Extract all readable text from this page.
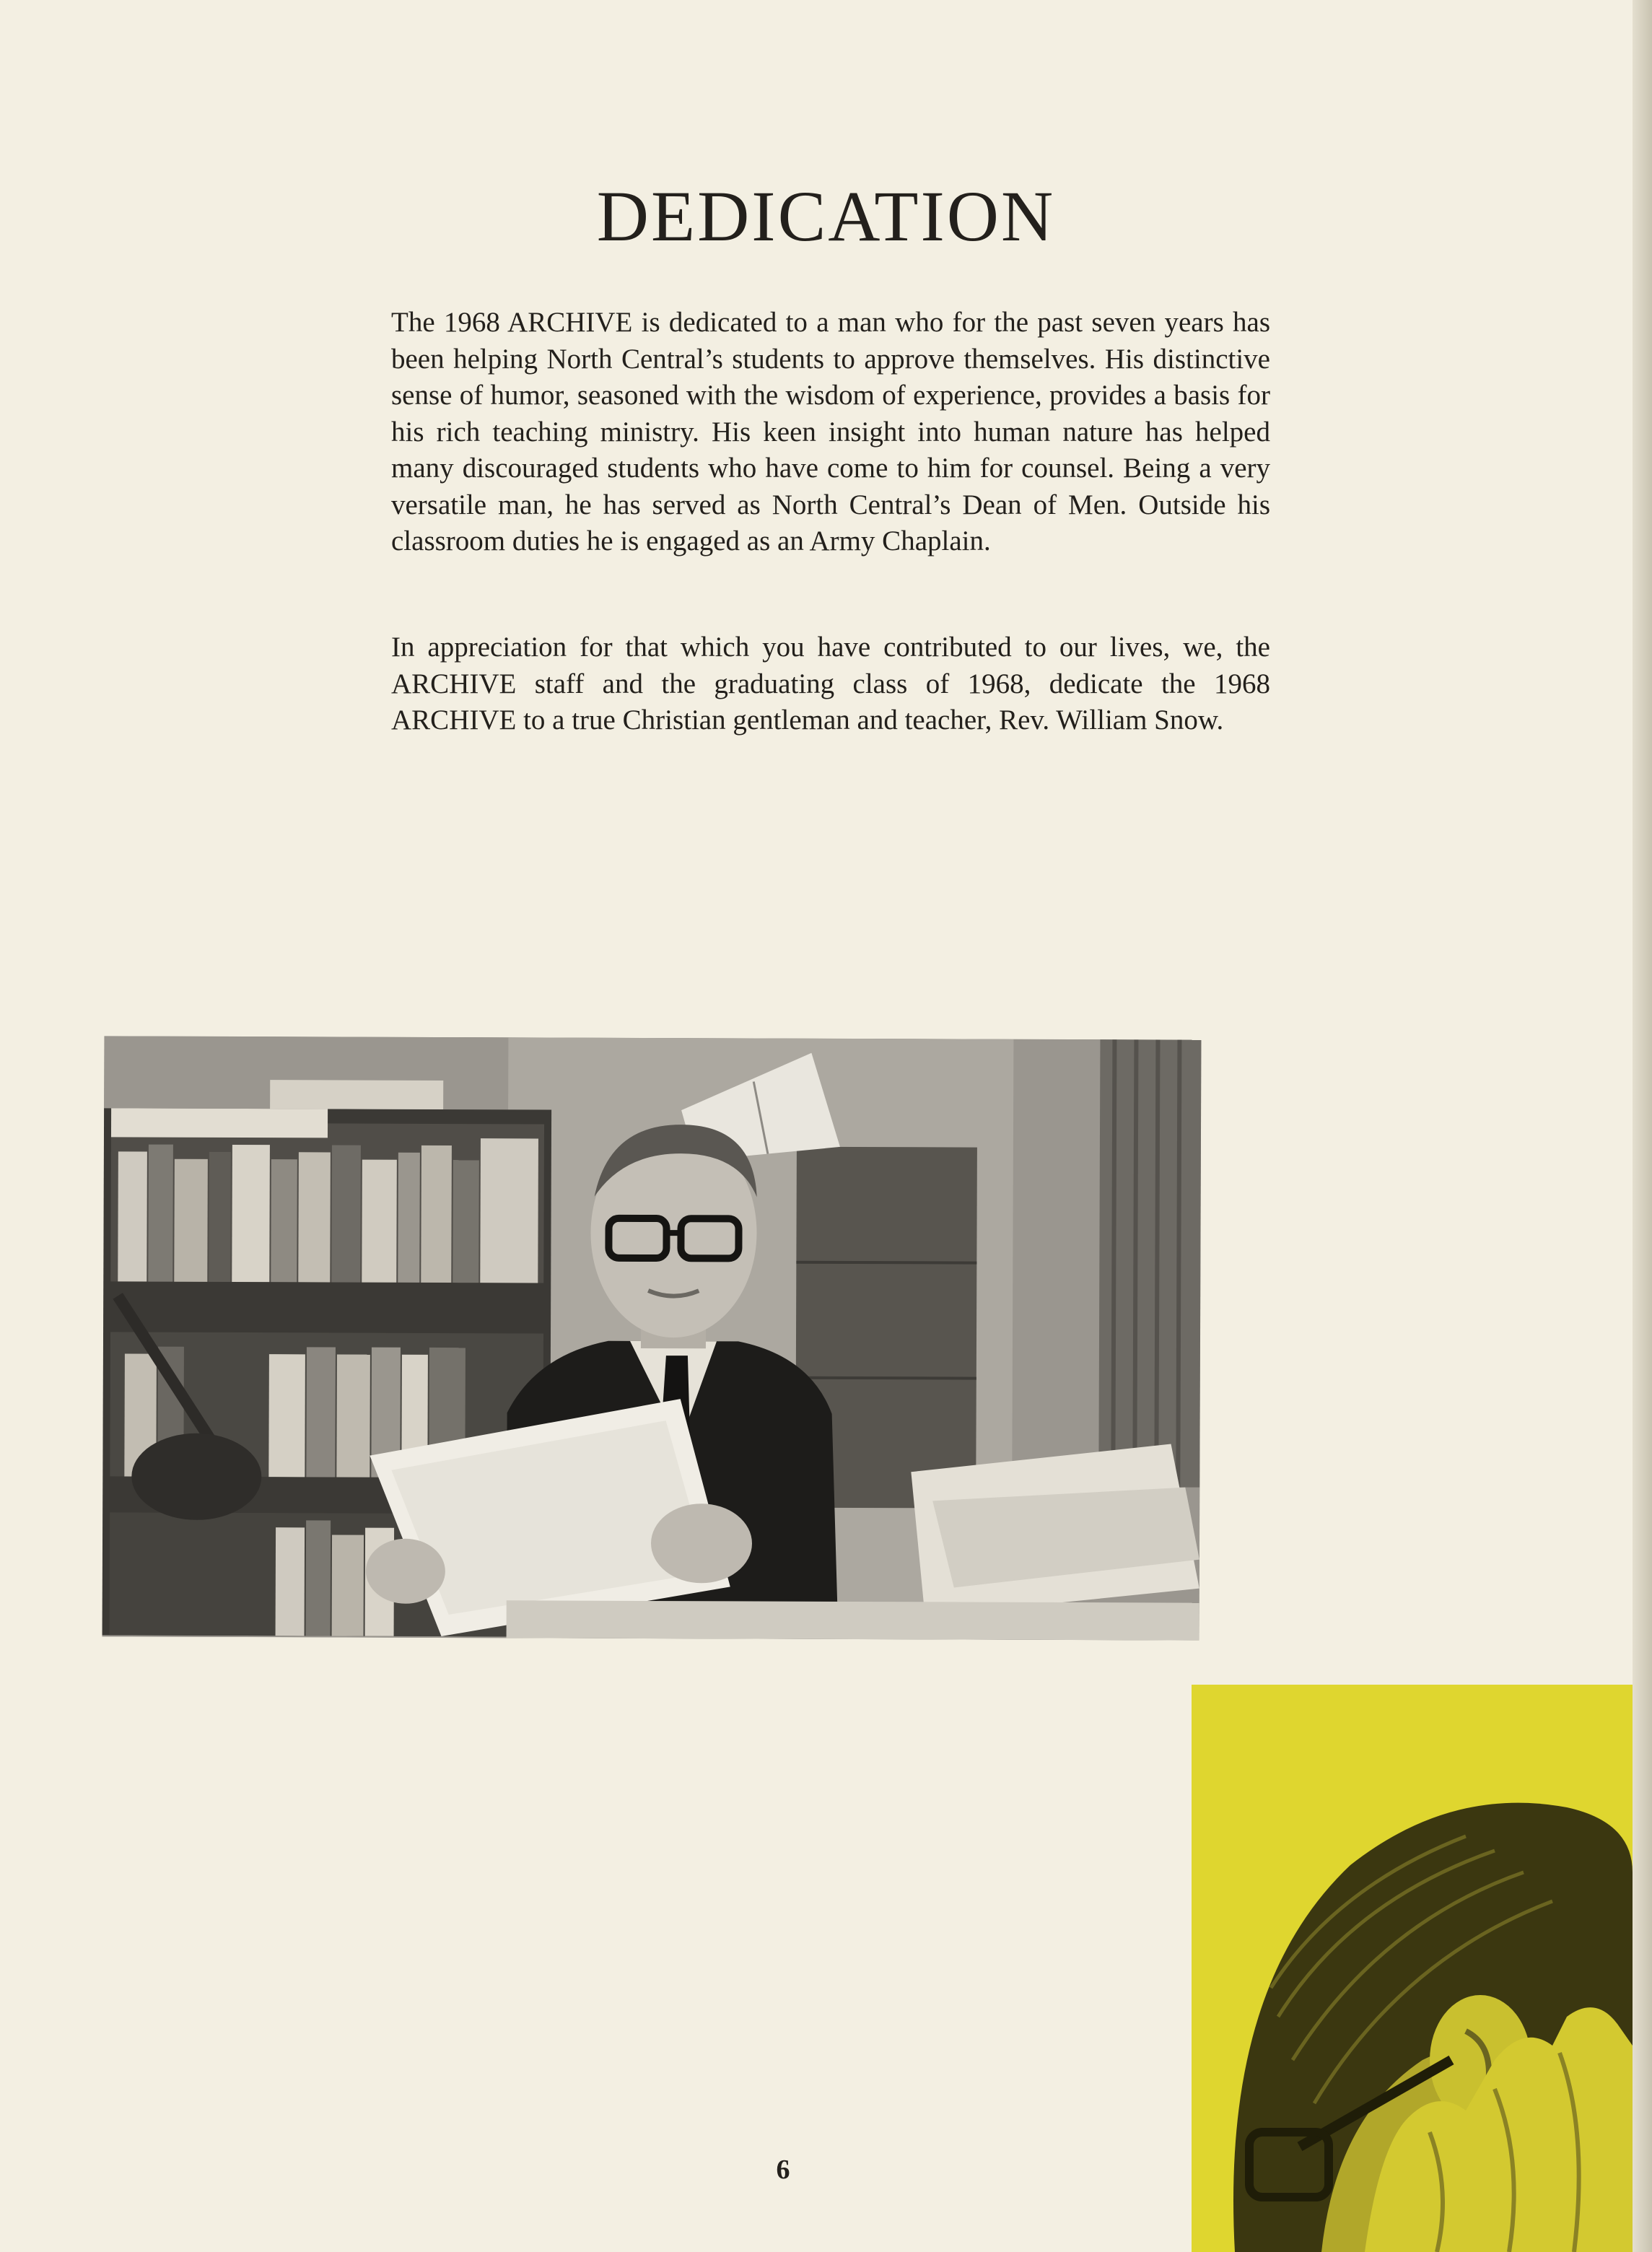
DEDICATION

The 1968 ARCHIVE is dedicated to a man who for the past seven years has been helping North Central’s students to approve themselves. His distinctive sense of humor, seasoned with the wisdom of experience, provides a basis for his rich teaching ministry. His keen insight into human nature has helped many discouraged students who have come to him for counsel. Being a very versatile man, he has served as North Central’s Dean of Men. Outside his classroom duties he is engaged as an Army Chaplain.

In appreciation for that which you have contributed to our lives, we, the ARCHIVE staff and the graduating class of 1968, dedicate the 1968 ARCHIVE to a true Christian gentleman and teacher, Rev. William Snow.

6
